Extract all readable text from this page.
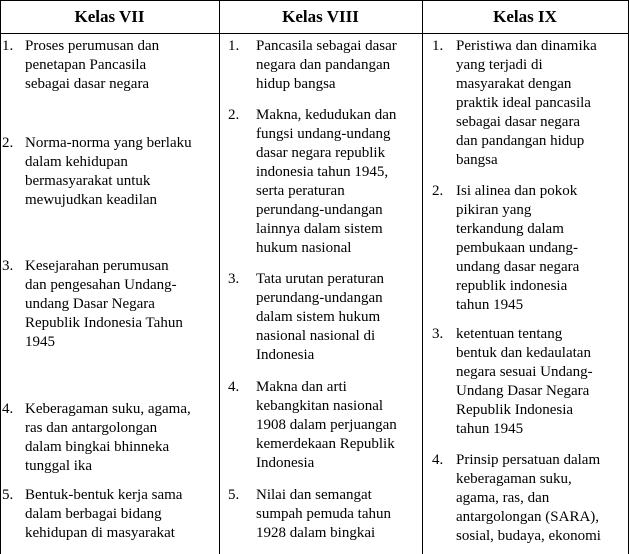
Kelas VII	Kelas VIII	Kelas IX
1. Proses perumusan dan
penetapan Pancasila
sebagai dasar negara
2. Norma-norma yang berlaku
dalam kehidupan
bermasyarakat untuk
mewujudkan keadilan
3. Kesejarahan perumusan
dan pengesahan Undang-
undang Dasar Negara
Republik Indonesia Tahun
1945
4. Keberagaman suku, agama,
ras dan antargolongan
dalam bingkai bhinneka
tunggal ika
5. Bentuk-bentuk kerja sama
dalam berbagai bidang
kehidupan di masyarakat
1. Pancasila sebagai dasar
negara dan pandangan
hidup bangsa
2. Makna, kedudukan dan
fungsi undang-undang
dasar negara republik
indonesia tahun 1945,
serta peraturan
perundang-undangan
lainnya dalam sistem
hukum nasional
3. Tata urutan peraturan
perundang-undangan
dalam sistem hukum
nasional nasional di
Indonesia
4. Makna dan arti
kebangkitan nasional
1908 dalam perjuangan
kemerdekaan Republik
Indonesia
5. Nilai dan semangat
sumpah pemuda tahun
1928 dalam bingkai
1. Peristiwa dan dinamika
yang terjadi di
masyarakat dengan
praktik ideal pancasila
sebagai dasar negara
dan pandangan hidup
bangsa
2. Isi alinea dan pokok
pikiran yang
terkandung dalam
pembukaan undang-
undang dasar negara
republik indonesia
tahun 1945
3. ketentuan tentang
bentuk dan kedaulatan
negara sesuai Undang-
Undang Dasar Negara
Republik Indonesia
tahun 1945
4. Prinsip persatuan dalam
keberagaman suku,
agama, ras, dan
antargolongan (SARA),
sosial, budaya, ekonomi
